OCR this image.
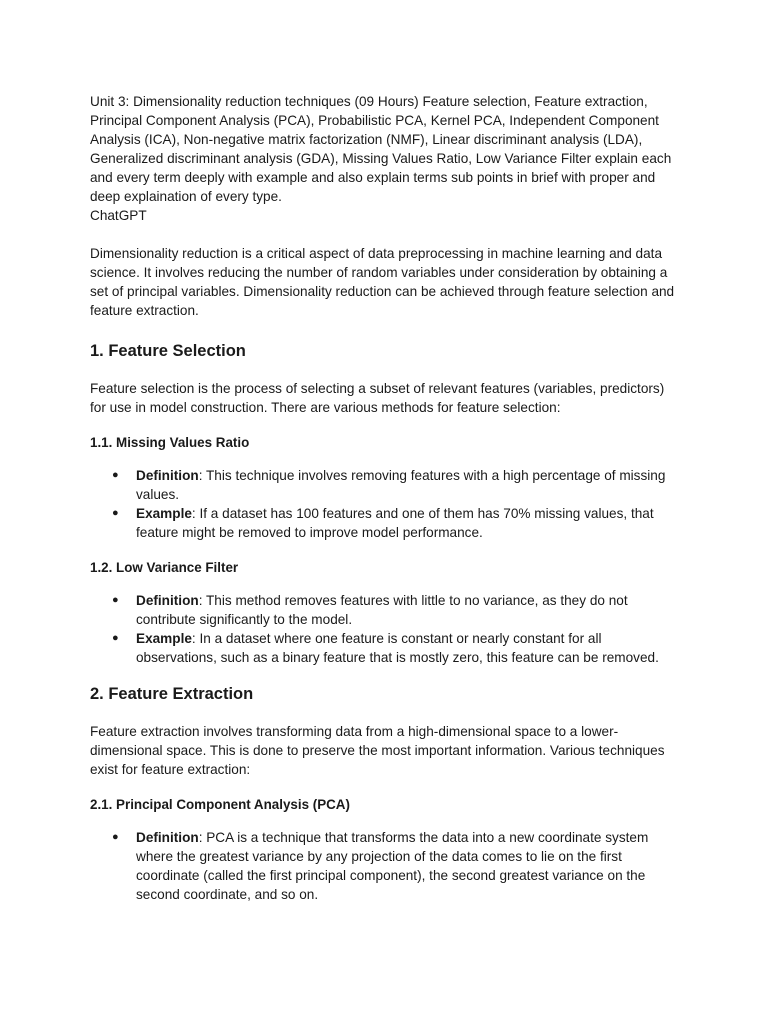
Unit 3: Dimensionality reduction techniques (09 Hours) Feature selection, Feature extraction, Principal Component Analysis (PCA), Probabilistic PCA, Kernel PCA, Independent Component Analysis (ICA), Non-negative matrix factorization (NMF), Linear discriminant analysis (LDA), Generalized discriminant analysis (GDA), Missing Values Ratio, Low Variance Filter explain each and every term deeply with example and also explain terms sub points in brief with proper and deep explaination of every type.

ChatGPT

Dimensionality reduction is a critical aspect of data preprocessing in machine learning and data science. It involves reducing the number of random variables under consideration by obtaining a set of principal variables. Dimensionality reduction can be achieved through feature selection and feature extraction.

1. Feature Selection

Feature selection is the process of selecting a subset of relevant features (variables, predictors) for use in model construction. There are various methods for feature selection:

1.1. Missing Values Ratio
● Definition: This technique involves removing features with a high percentage of missing values.
● Example: If a dataset has 100 features and one of them has 70% missing values, that feature might be removed to improve model performance.
1.2. Low Variance Filter
● Definition: This method removes features with little to no variance, as they do not contribute significantly to the model.
● Example: In a dataset where one feature is constant or nearly constant for all observations, such as a binary feature that is mostly zero, this feature can be removed.
2. Feature Extraction

Feature extraction involves transforming data from a high-dimensional space to a lower-dimensional space. This is done to preserve the most important information. Various techniques exist for feature extraction:

2.1. Principal Component Analysis (PCA)
● Definition: PCA is a technique that transforms the data into a new coordinate system where the greatest variance by any projection of the data comes to lie on the first coordinate (called the first principal component), the second greatest variance on the second coordinate, and so on.
